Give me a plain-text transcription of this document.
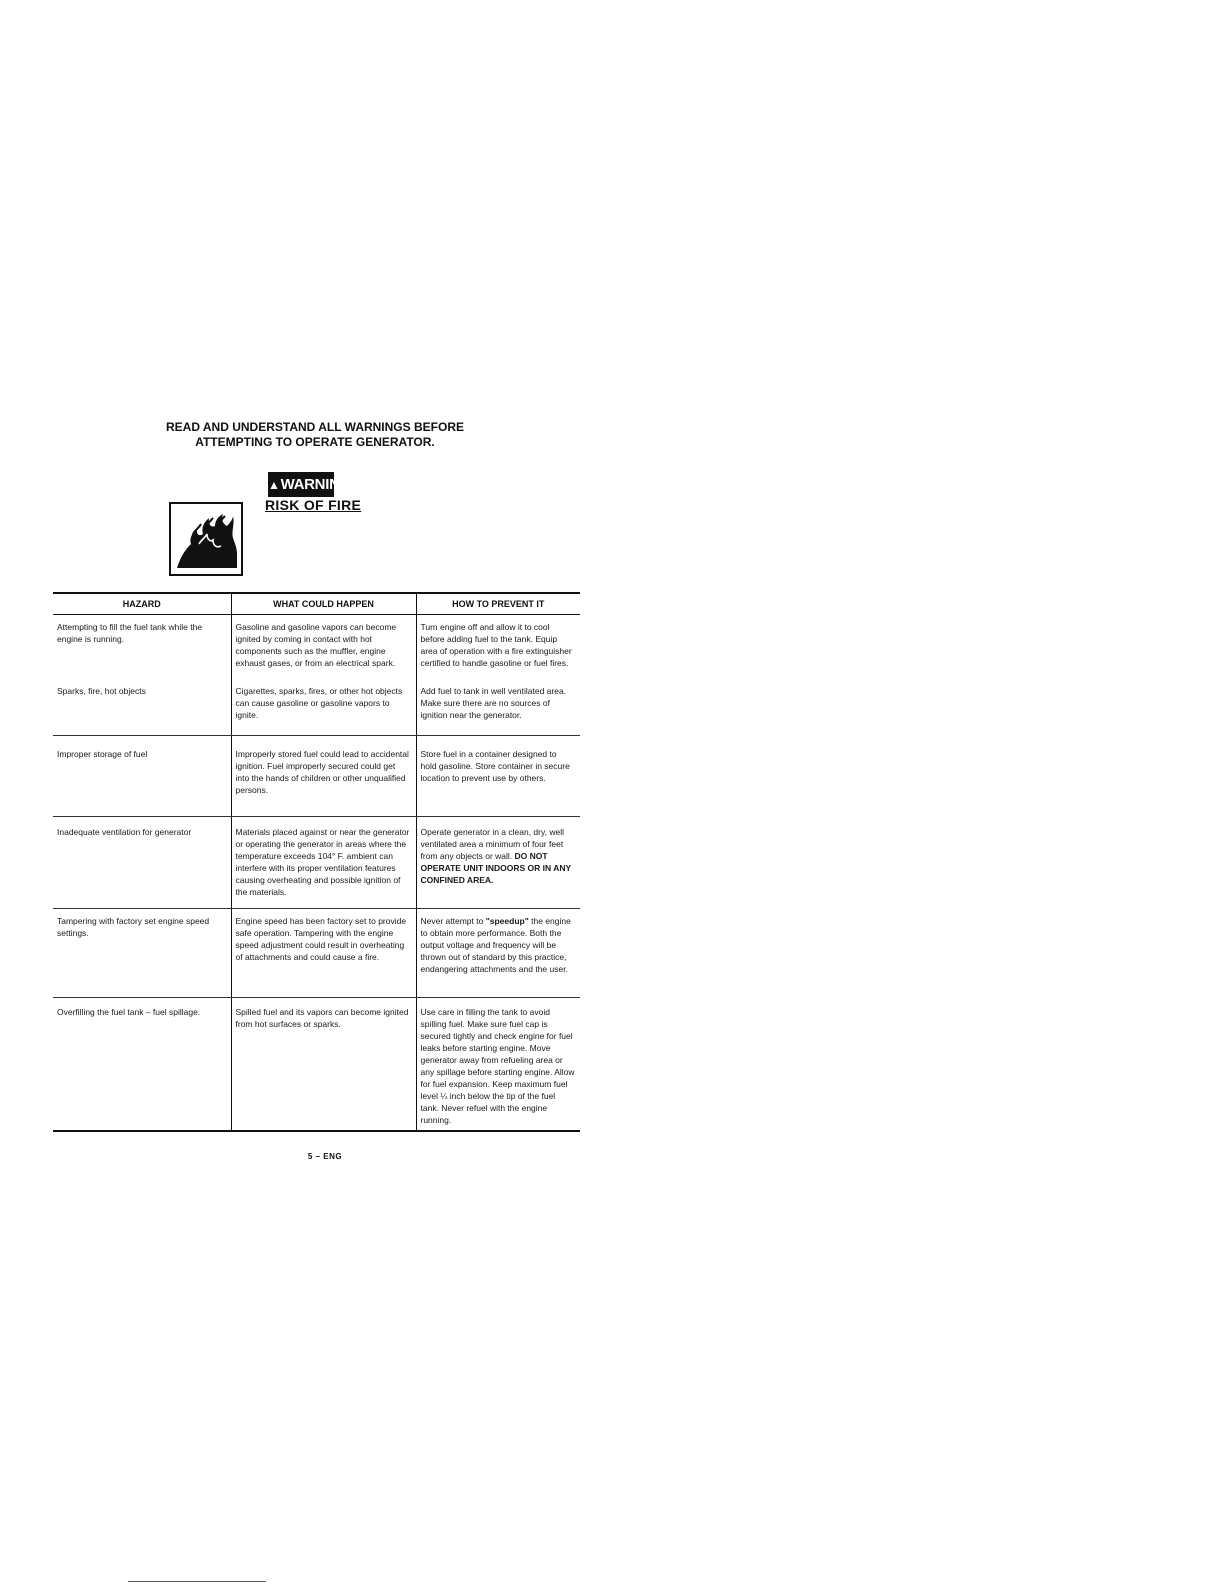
READ AND UNDERSTAND ALL WARNINGS BEFORE
ATTEMPTING TO OPERATE GENERATOR.
▲WARNING
RISK OF FIRE
HAZARD	WHAT COULD HAPPEN	HOW TO PREVENT IT
Attempting to fill the fuel tank while the engine is running.	Gasoline and gasoline vapors can become ignited by coming in contact with hot components such as the muffler, engine exhaust gases, or from an electrical spark.	Turn engine off and allow it to cool before adding fuel to the tank. Equip area of operation with a fire extinguisher certified to handle gasoline or fuel fires.
Sparks, fire, hot objects	Cigarettes, sparks, fires, or other hot objects can cause gasoline or gasoline vapors to ignite.	Add fuel to tank in well ventilated area. Make sure there are no sources of ignition near the generator.
Improper storage of fuel	Improperly stored fuel could lead to accidental ignition. Fuel improperly secured could get into the hands of children or other unqualified persons.	Store fuel in a container designed to hold gasoline. Store container in secure location to prevent use by others.
Inadequate ventilation for generator	Materials placed against or near the generator or operating the generator in areas where the temperature exceeds 104° F. ambient can interfere with its proper ventilation features causing overheating and possible ignition of the materials.	Operate generator in a clean, dry, well ventilated area a minimum of four feet from any objects or wall. DO NOT OPERATE UNIT INDOORS OR IN ANY CONFINED AREA.
Tampering with factory set engine speed settings.	Engine speed has been factory set to provide safe operation. Tampering with the engine speed adjustment could result in overheating of attachments and could cause a fire.	Never attempt to "speedup" the engine to obtain more performance. Both the output voltage and frequency will be thrown out of standard by this practice, endangering attachments and the user.
Overfilling the fuel tank – fuel spillage.	Spilled fuel and its vapors can become ignited from hot surfaces or sparks.	Use care in filling the tank to avoid spilling fuel. Make sure fuel cap is secured tightly and check engine for fuel leaks before starting engine. Move generator away from refueling area or any spillage before starting engine. Allow for fuel expansion. Keep maximum fuel level ¼ inch below the tip of the fuel tank. Never refuel with the engine running.
5 – ENG
